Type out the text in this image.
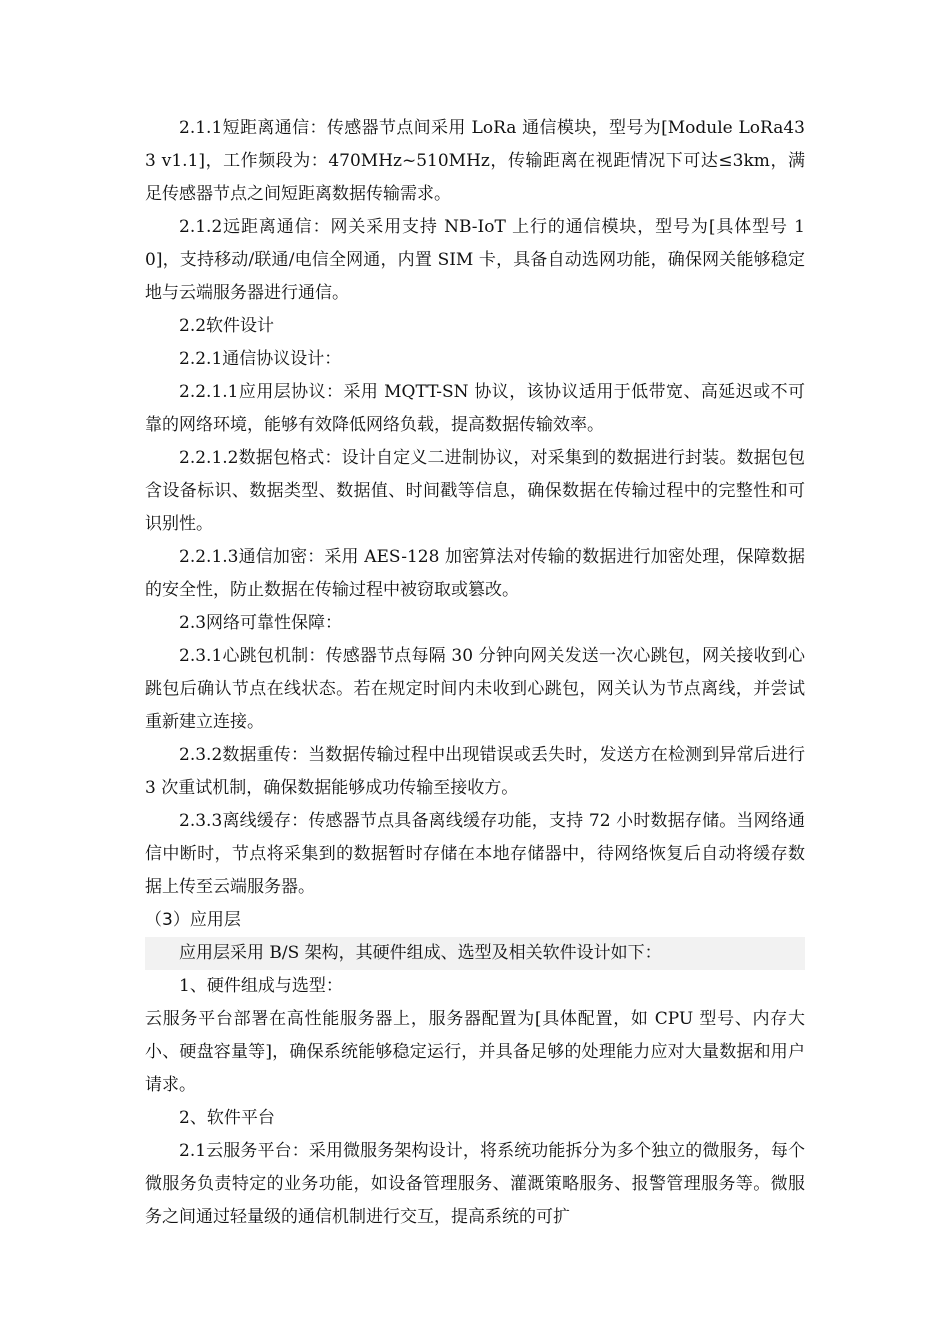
2.1.1短距离通信：传感器节点间采用 LoRa 通信模块，型号为[Module LoRa433 v1.1]，工作频段为：470MHz~510MHz，传输距离在视距情况下可达≤3km，满足传感器节点之间短距离数据传输需求。

2.1.2远距离通信：网关采用支持 NB-IoT 上行的通信模块，型号为[具体型号 10]，支持移动/联通/电信全网通，内置 SIM 卡，具备自动选网功能，确保网关能够稳定地与云端服务器进行通信。

2.2软件设计

2.2.1通信协议设计：

2.2.1.1应用层协议：采用 MQTT-SN 协议，该协议适用于低带宽、高延迟或不可靠的网络环境，能够有效降低网络负载，提高数据传输效率。

2.2.1.2数据包格式：设计自定义二进制协议，对采集到的数据进行封装。数据包包含设备标识、数据类型、数据值、时间戳等信息，确保数据在传输过程中的完整性和可识别性。

2.2.1.3通信加密：采用 AES-128 加密算法对传输的数据进行加密处理，保障数据的安全性，防止数据在传输过程中被窃取或篡改。

2.3网络可靠性保障：

2.3.1心跳包机制：传感器节点每隔 30 分钟向网关发送一次心跳包，网关接收到心跳包后确认节点在线状态。若在规定时间内未收到心跳包，网关认为节点离线，并尝试重新建立连接。

2.3.2数据重传：当数据传输过程中出现错误或丢失时，发送方在检测到异常后进行 3 次重试机制，确保数据能够成功传输至接收方。

2.3.3离线缓存：传感器节点具备离线缓存功能，支持 72 小时数据存储。当网络通信中断时，节点将采集到的数据暂时存储在本地存储器中，待网络恢复后自动将缓存数据上传至云端服务器。

（3）应用层

应用层采用 B/S 架构，其硬件组成、选型及相关软件设计如下：

1、硬件组成与选型：

云服务平台部署在高性能服务器上，服务器配置为[具体配置，如 CPU 型号、内存大小、硬盘容量等]，确保系统能够稳定运行，并具备足够的处理能力应对大量数据和用户请求。

2、软件平台

2.1云服务平台：采用微服务架构设计，将系统功能拆分为多个独立的微服务，每个微服务负责特定的业务功能，如设备管理服务、灌溉策略服务、报警管理服务等。微服务之间通过轻量级的通信机制进行交互，提高系统的可扩
